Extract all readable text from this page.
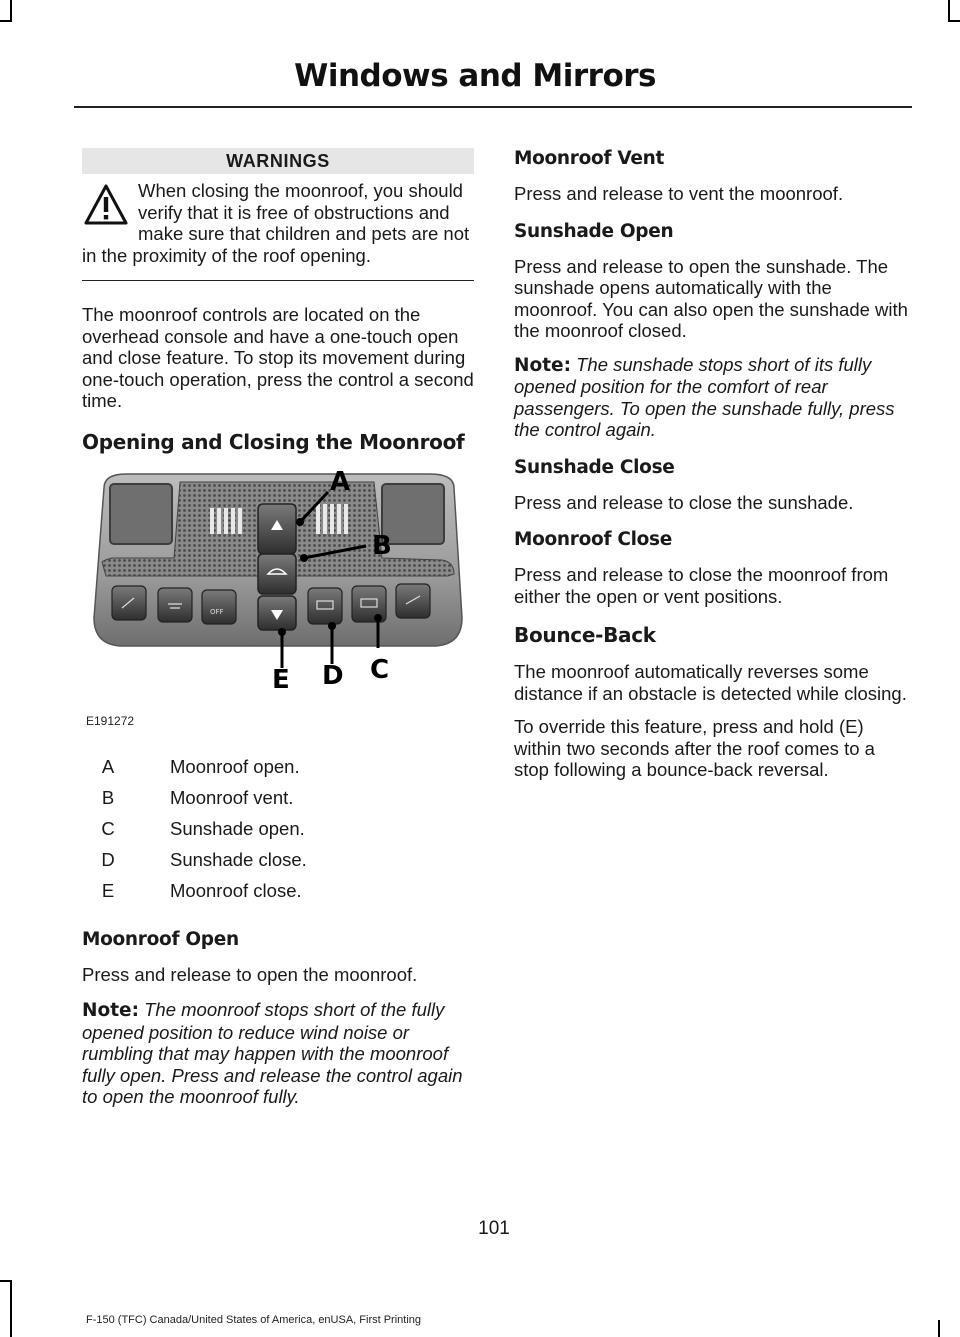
Windows and Mirrors
WARNINGS

When closing the moonroof, you should verify that it is free of obstructions and make sure that children and pets are not in the proximity of the roof opening.

The moonroof controls are located on the overhead console and have a one-touch open and close feature. To stop its movement during one-touch operation, press the control a second time.

Opening and Closing the Moonroof
OFF
A
B
C
D
E
E191272
A	Moonroof open.
B	Moonroof vent.
C	Sunshade open.
D	Sunshade close.
E	Moonroof close.
Moonroof Open

Press and release to open the moonroof.

Note: The moonroof stops short of the fully opened position to reduce wind noise or rumbling that may happen with the moonroof fully open. Press and release the control again to open the moonroof fully.

Moonroof Vent

Press and release to vent the moonroof.

Sunshade Open

Press and release to open the sunshade. The sunshade opens automatically with the moonroof. You can also open the sunshade with the moonroof closed.

Note: The sunshade stops short of its fully opened position for the comfort of rear passengers. To open the sunshade fully, press the control again.

Sunshade Close

Press and release to close the sunshade.

Moonroof Close

Press and release to close the moonroof from either the open or vent positions.

Bounce-Back

The moonroof automatically reverses some distance if an obstacle is detected while closing.

To override this feature, press and hold (E) within two seconds after the roof comes to a stop following a bounce-back reversal.

101
F-150 (TFC) Canada/United States of America, enUSA, First Printing
